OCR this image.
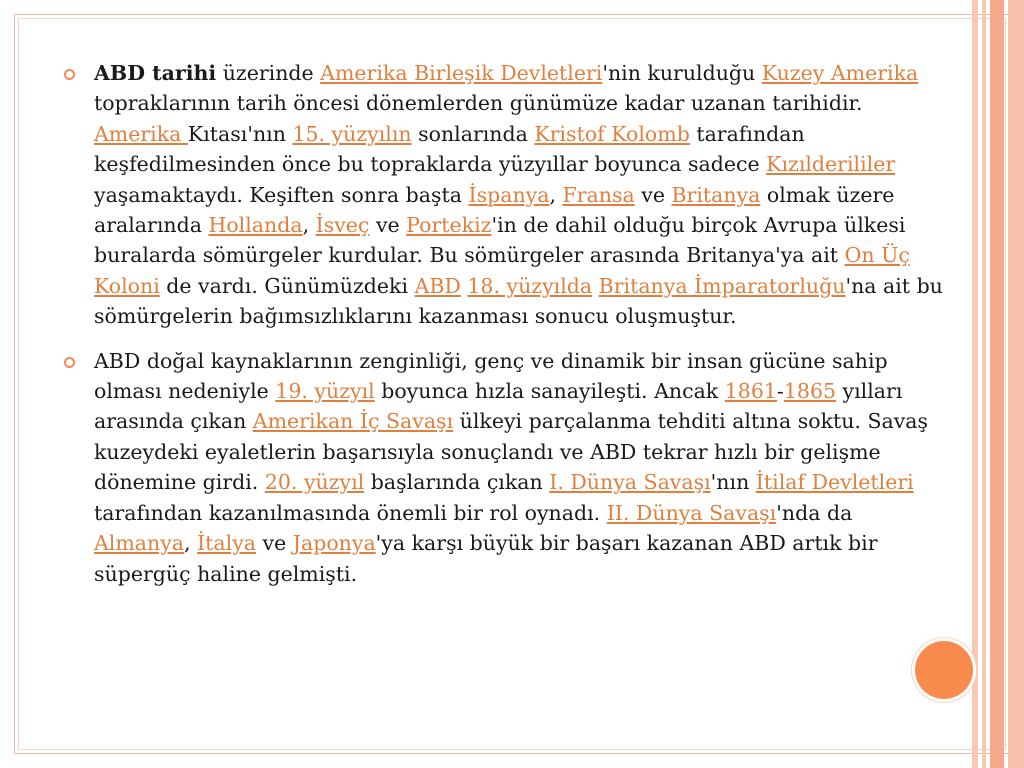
ABD tarihi üzerinde Amerika Birleşik Devletleri'nin kurulduğu Kuzey Amerika topraklarının tarih öncesi dönemlerden günümüze kadar uzanan tarihidir. Amerika Kıtası'nın 15. yüzyılın sonlarında Kristof Kolomb tarafından keşfedilmesinden önce bu topraklarda yüzyıllar boyunca sadece Kızılderililer yaşamaktaydı. Keşiften sonra başta İspanya, Fransa ve Britanya olmak üzere aralarında Hollanda, İsveç ve Portekiz'in de dahil olduğu birçok Avrupa ülkesi buralarda sömürgeler kurdular. Bu sömürgeler arasında Britanya'ya ait On Üç Koloni de vardı. Günümüzdeki ABD 18. yüzyılda Britanya İmparatorluğu'na ait bu sömürgelerin bağımsızlıklarını kazanması sonucu oluşmuştur.
ABD doğal kaynaklarının zenginliği, genç ve dinamik bir insan gücüne sahip olması nedeniyle 19. yüzyıl boyunca hızla sanayileşti. Ancak 1861-1865 yılları arasında çıkan Amerikan İç Savaşı ülkeyi parçalanma tehditi altına soktu. Savaş kuzeydeki eyaletlerin başarısıyla sonuçlandı ve ABD tekrar hızlı bir gelişme dönemine girdi. 20. yüzyıl başlarında çıkan I. Dünya Savaşı'nın İtilaf Devletleri tarafından kazanılmasında önemli bir rol oynadı. II. Dünya Savaşı'nda da Almanya, İtalya ve Japonya'ya karşı büyük bir başarı kazanan ABD artık bir süpergüç haline gelmişti.
